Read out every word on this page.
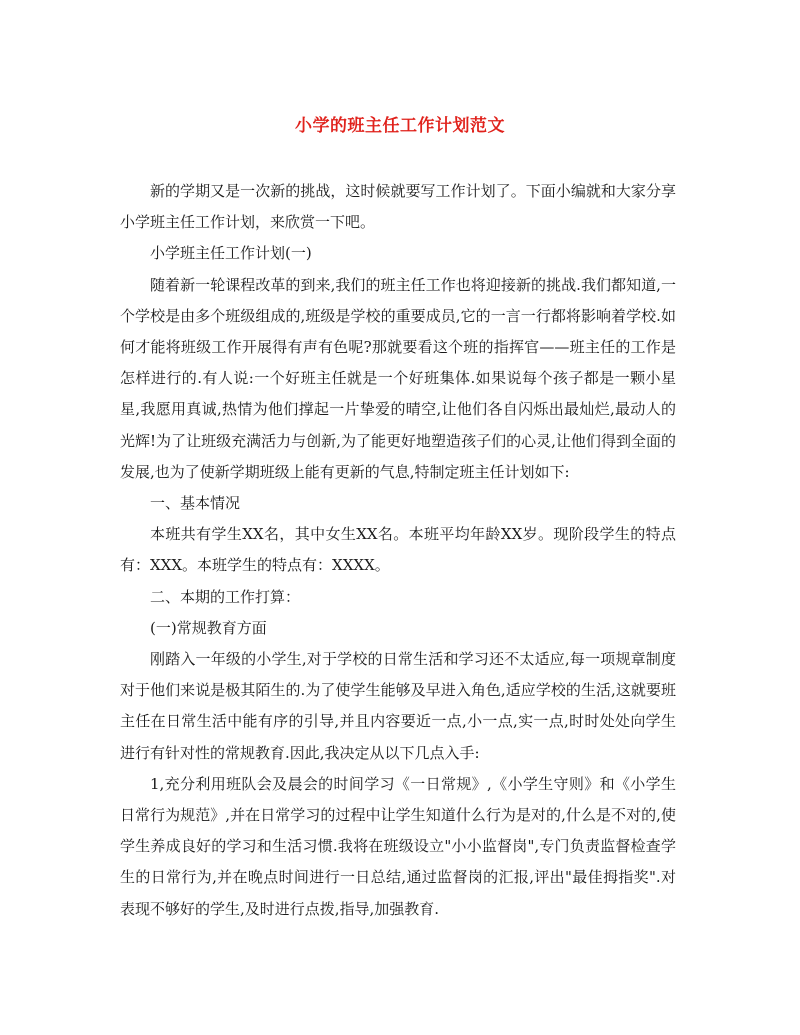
小学的班主任工作计划范文

新的学期又是一次新的挑战，这时候就要写工作计划了。下面小编就和大家分享小学班主任工作计划，来欣赏一下吧。

小学班主任工作计划(一)

随着新一轮课程改革的到来,我们的班主任工作也将迎接新的挑战.我们都知道,一个学校是由多个班级组成的,班级是学校的重要成员,它的一言一行都将影响着学校.如何才能将班级工作开展得有声有色呢?那就要看这个班的指挥官——班主任的工作是怎样进行的.有人说:一个好班主任就是一个好班集体.如果说每个孩子都是一颗小星星,我愿用真诚,热情为他们撑起一片挚爱的晴空,让他们各自闪烁出最灿烂,最动人的光辉!为了让班级充满活力与创新,为了能更好地塑造孩子们的心灵,让他们得到全面的发展,也为了使新学期班级上能有更新的气息,特制定班主任计划如下:

一、基本情况

本班共有学生XX名，其中女生XX名。本班平均年龄XX岁。现阶段学生的特点有：XXX。本班学生的特点有：XXXX。

二、本期的工作打算：

(一)常规教育方面

刚踏入一年级的小学生,对于学校的日常生活和学习还不太适应,每一项规章制度对于他们来说是极其陌生的.为了使学生能够及早进入角色,适应学校的生活,这就要班主任在日常生活中能有序的引导,并且内容要近一点,小一点,实一点,时时处处向学生进行有针对性的常规教育.因此,我决定从以下几点入手:

1,充分利用班队会及晨会的时间学习《一日常规》,《小学生守则》和《小学生日常行为规范》,并在日常学习的过程中让学生知道什么行为是对的,什么是不对的,使学生养成良好的学习和生活习惯.我将在班级设立"小小监督岗",专门负责监督检查学生的日常行为,并在晚点时间进行一日总结,通过监督岗的汇报,评出"最佳拇指奖".对表现不够好的学生,及时进行点拨,指导,加强教育.
